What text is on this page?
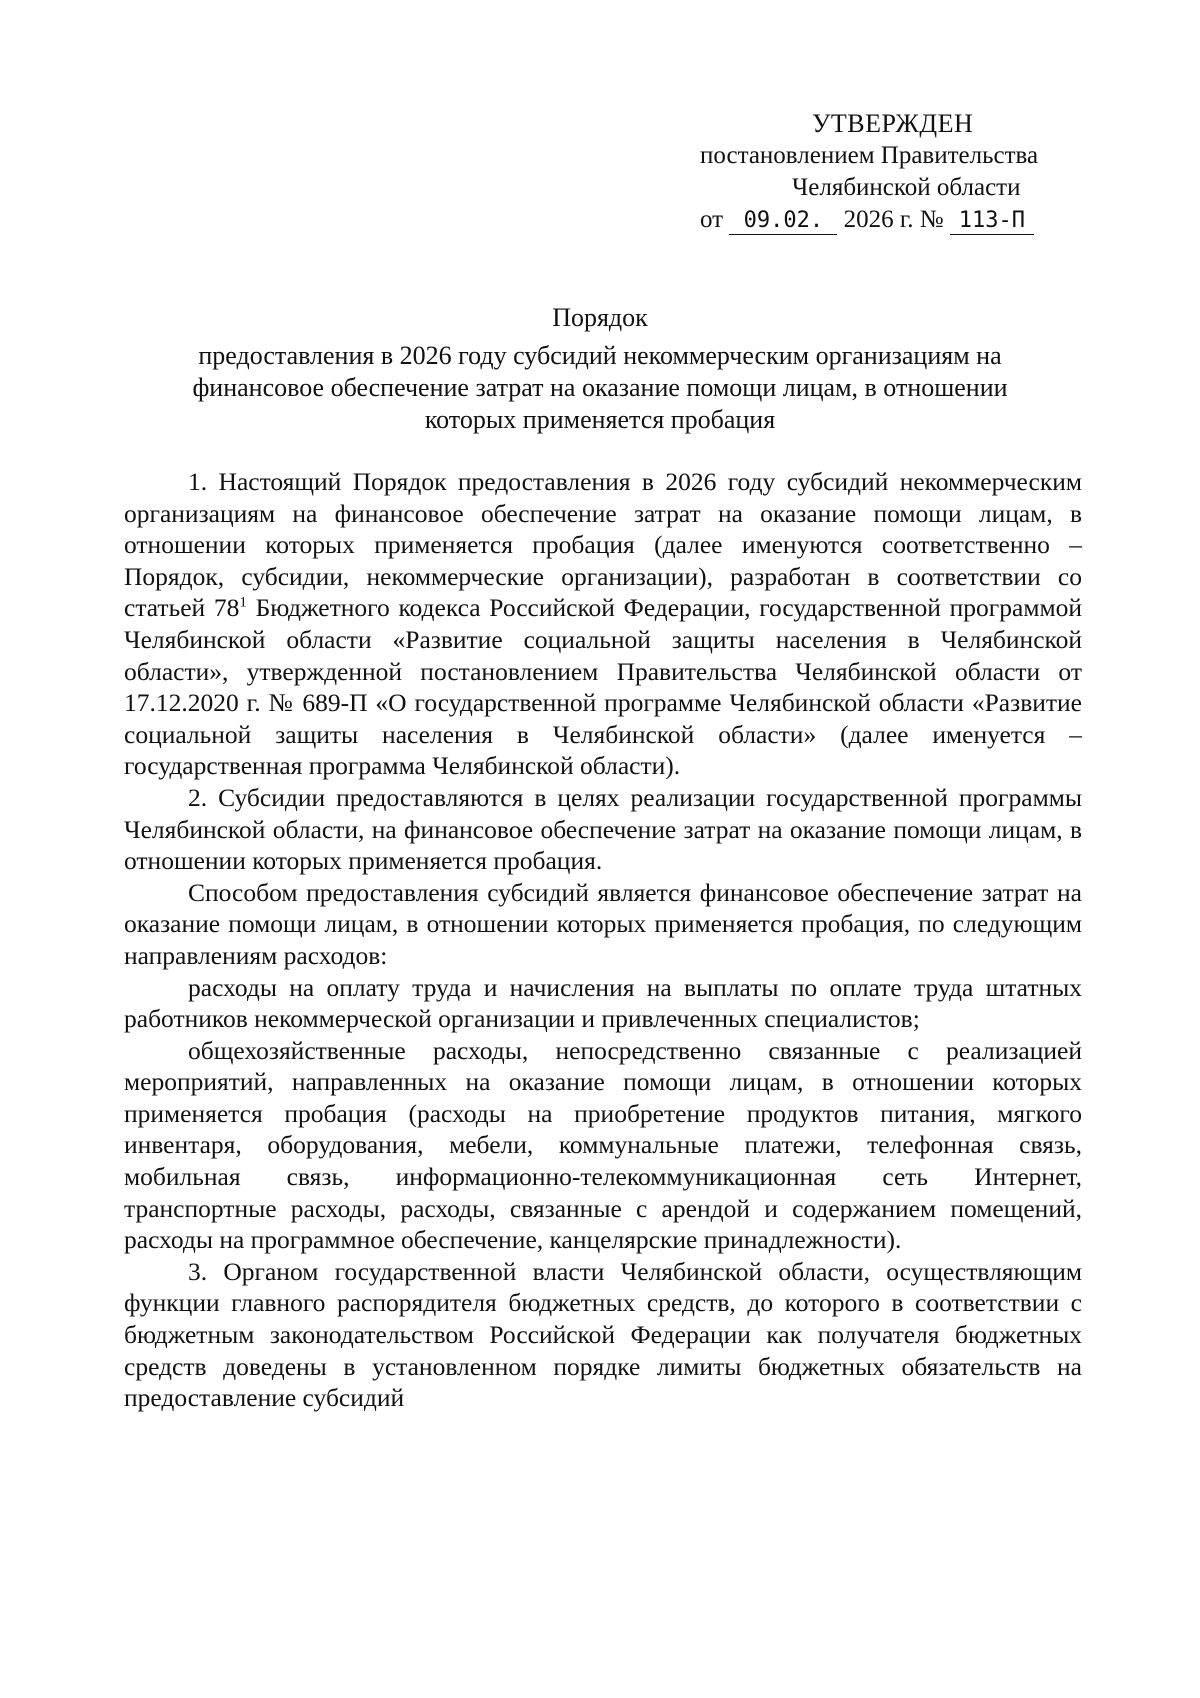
УТВЕРЖДЕН
постановлением Правительства
Челябинской области
от 09.02. 2026 г. № 113-П
Порядок
предоставления в 2026 году субсидий некоммерческим организациям на
финансовое обеспечение затрат на оказание помощи лицам, в отношении
которых применяется пробация

1. Настоящий Порядок предоставления в 2026 году субсидий некоммерческим организациям на финансовое обеспечение затрат на оказание помощи лицам, в отношении которых применяется пробация (далее именуются соответственно – Порядок, субсидии, некоммерческие организации), разработан в соответствии со статьей $78^1$ Бюджетного кодекса Российской Федерации, государственной программой Челябинской области «Развитие социальной защиты населения в Челябинской области», утвержденной постановлением Правительства Челябинской области от 17.12.2020 г. № 689-П «О государственной программе Челябинской области «Развитие социальной защиты населения в Челябинской области» (далее именуется – государственная программа Челябинской области).

2. Субсидии предоставляются в целях реализации государственной программы Челябинской области, на финансовое обеспечение затрат на оказание помощи лицам, в отношении которых применяется пробация.

Способом предоставления субсидий является финансовое обеспечение затрат на оказание помощи лицам, в отношении которых применяется пробация, по следующим направлениям расходов:

расходы на оплату труда и начисления на выплаты по оплате труда штатных работников некоммерческой организации и привлеченных специалистов;

общехозяйственные расходы, непосредственно связанные с реализацией мероприятий, направленных на оказание помощи лицам, в отношении которых применяется пробация (расходы на приобретение продуктов питания, мягкого инвентаря, оборудования, мебели, коммунальные платежи, телефонная связь, мобильная связь, информационно-телекоммуникационная сеть Интернет, транспортные расходы, расходы, связанные с арендой и содержанием помещений, расходы на программное обеспечение, канцелярские принадлежности).

3. Органом государственной власти Челябинской области, осуществляющим функции главного распорядителя бюджетных средств, до которого в соответствии с бюджетным законодательством Российской Федерации как получателя бюджетных средств доведены в установленном порядке лимиты бюджетных обязательств на предоставление субсидий
